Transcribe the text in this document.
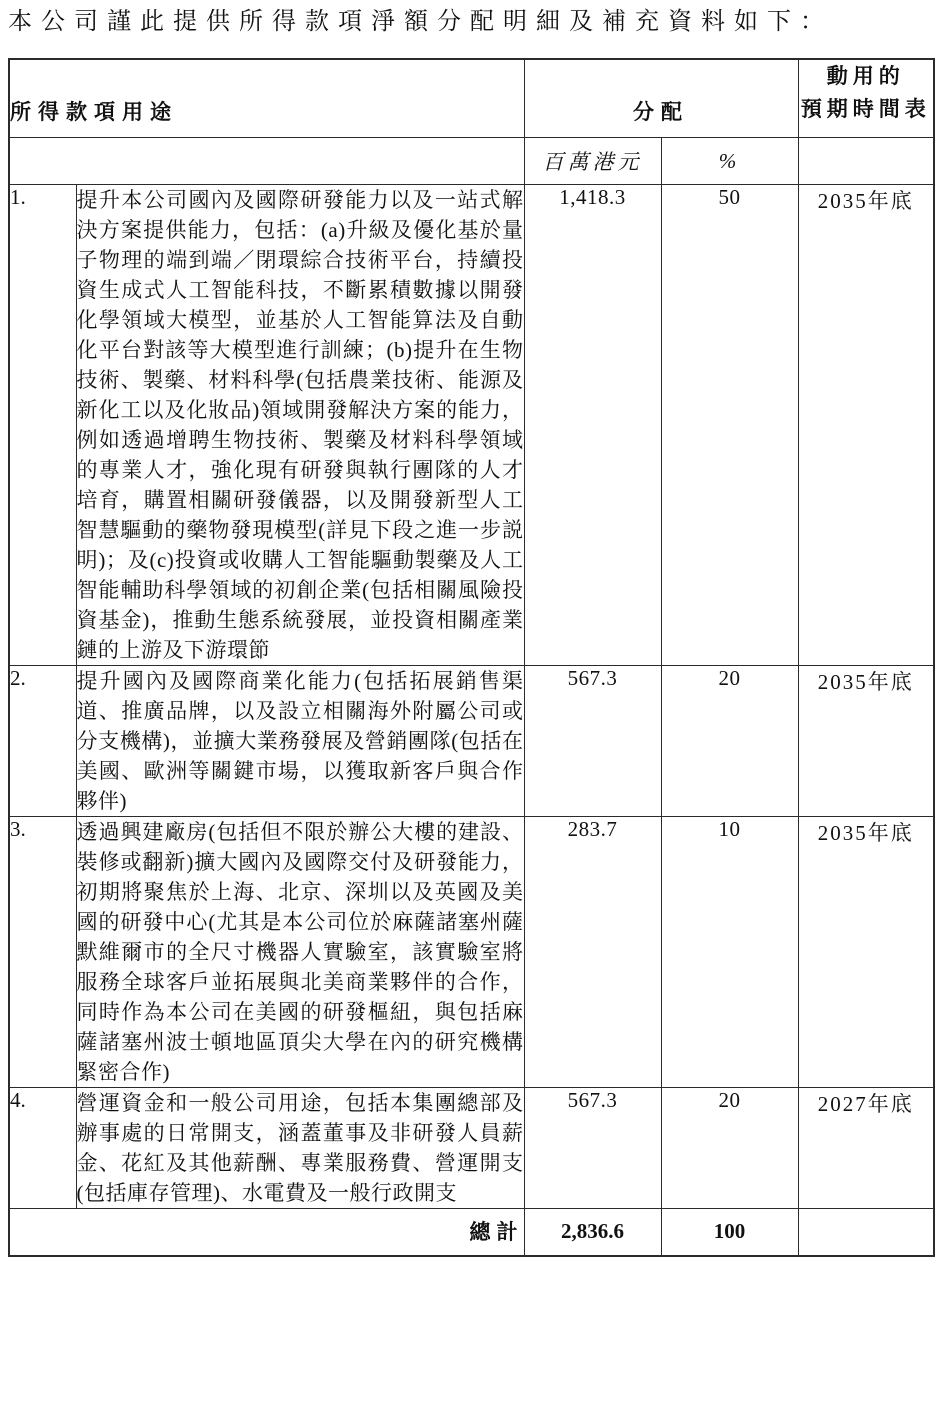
本公司謹此提供所得款項淨額分配明細及補充資料如下：

所得款項用途		分配		動用的
預期時間表
		百萬港元	%	
1.	提升本公司國內及國際研發能力以及一站式解決方案提供能力，包括：(a)升級及優化基於量子物理的端到端／閉環綜合技術平台，持續投資生成式人工智能科技，不斷累積數據以開發化學領域大模型，並基於人工智能算法及自動化平台對該等大模型進行訓練；(b)提升在生物技術、製藥、材料科學(包括農業技術、能源及新化工以及化妝品)領域開發解決方案的能力，例如透過增聘生物技術、製藥及材料科學領域的專業人才，強化現有研發與執行團隊的人才培育，購置相關研發儀器，以及開發新型人工智慧驅動的藥物發現模型(詳見下段之進一步説明)；及(c)投資或收購人工智能驅動製藥及人工智能輔助科學領域的初創企業(包括相關風險投資基金)，推動生態系統發展，並投資相關產業鏈的上游及下游環節	1,418.3	50	2035年底
2.	提升國內及國際商業化能力(包括拓展銷售渠道、推廣品牌，以及設立相關海外附屬公司或分支機構)，並擴大業務發展及營銷團隊(包括在美國、歐洲等關鍵市場，以獲取新客戶與合作夥伴)	567.3	20	2035年底
3.	透過興建廠房(包括但不限於辦公大樓的建設、裝修或翻新)擴大國內及國際交付及研發能力，初期將聚焦於上海、北京、深圳以及英國及美國的研發中心(尤其是本公司位於麻薩諸塞州薩默維爾市的全尺寸機器人實驗室，該實驗室將服務全球客戶並拓展與北美商業夥伴的合作，同時作為本公司在美國的研發樞紐，與包括麻薩諸塞州波士頓地區頂尖大學在內的研究機構緊密合作)	283.7	10	2035年底
4.	營運資金和一般公司用途，包括本集團總部及辦事處的日常開支，涵蓋董事及非研發人員薪金、花紅及其他薪酬、專業服務費、營運開支(包括庫存管理)、水電費及一般行政開支	567.3	20	2027年底
總計		2,836.6	100	
